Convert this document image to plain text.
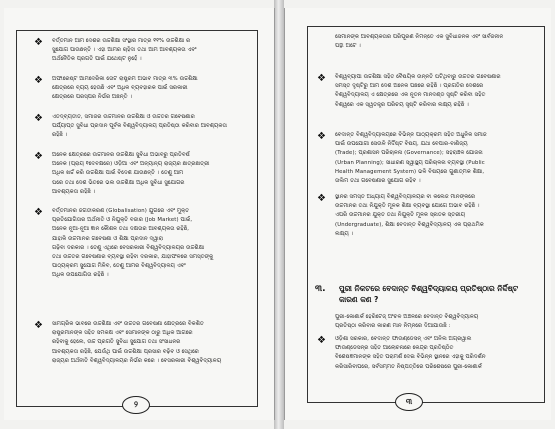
❖ ବର୍ତ୍ତମାନ ଆମ ଦେଶର ଉଚ୍ଚଶିକ୍ଷା ସଂସ୍ଥାର ମାତ୍ର ୧୧% ଉଚ୍ଚଶିକ୍ଷା ର
ସୁଯୋଗ ପାଉଛନ୍ତି । ଏହା ଆମର ଚାହିଦା ତଥା ଆମ ଆବଶ୍ୟକତା ଏବଂ
ଅର୍ଥନୈତିକ ପ୍ରଗତି ପାଇଁ ଯଥେଷ୍ଟ ନୁହେଁ ।
❖ ଅଫାରେଷ୍ଟ ଆମଦେରିକା ତୋଟ ରାଷ୍ଟ୍ରମ ଅଭାବ ମାତ୍ର ୩% ଉଚ୍ଚଶିକ୍ଷା
କ୍ଷେତ୍ରରେ ବ୍ୟୟ ହେଉଛି ଏବଂ ଅଧିକ ବ୍ୟବହାରକ ପାଇଁ ସରକାରୀ
କ୍ଷେତ୍ରରେ ପରସ୍ପର ନିର୍ଭର ଅଛନ୍ତି ।
❖ ଏତଦ୍ବ୍ୟତୀତ, ସମାଜର ଉଚ୍ଚମାନର ଉଚ୍ଚଶିକ୍ଷା ଓ ଉଚ୍ଚତର ଗବେଷଣାର
ପର୍ଯ୍ୟାପ୍ତ ସୁବିଧା ପ୍ରଦାନ ପୂର୍ବକ ବିଶ୍ୱବିଦ୍ୟାଳୟ ପ୍ରତିଷ୍ଠା କରିବାର ଆବଶ୍ୟକତା
ରହିଛି ।
❖ ଅନେକ କ୍ଷେତ୍ରରେ ଉଚ୍ଚମାନର ଉଚ୍ଚଶିକ୍ଷା ସୁବିଧା ଅଭାବରୁ ପ୍ରତିବର୍ଷ
ଅନେକ (ପ୍ରାୟ ୧ଦେବକ୍ଷରେ) ଓଡ଼ିଆ ଏବଂ ଅନ୍ୟାନ୍ୟ ରାଜ୍ୟର ଛାତ୍ରଛାତ୍ରୀ
ଅଧିକ ଖର୍ଚ୍ଚ କରି ଉଚ୍ଚଶିକ୍ଷା ପାଇଁ ବିଦେଶ ଯାଉଛନ୍ତି । ତେଣୁ ଆମ
ଘରେ ତଥା ଦେଶ ଭିତରେ ଭଲ ଉଚ୍ଚଶିକ୍ଷା ଅଧିକ ସୁବିଧା ସୁଯୋଗର
ଆବଶ୍ୟକତା ରହିଛି ।
❖ ବର୍ତ୍ତମାନର ଜଗତୀକରଣ (Globalisation) ଯୁଗରେ ଏବଂ ମୁକ୍ତ
ପ୍ରତିଯୋଗିତାର ଅର୍ଥନୀତି ଓ ନିଯୁକ୍ତି ବଜାର (Job Market) ପାଇଁ,
ଅନେକ ନୂଆ-ନୂଆ ଜ୍ଞାନ କୌଶଳ ତଥା ଦକ୍ଷତାର ଆବଶ୍ୟକତା ରହିଛି,
ଯାହାକି ଉଚ୍ଚମାନର ଗବେଷଣା ଓ ଶିକ୍ଷା ପ୍ରଦାନ ଦ୍ୱାରା
ଗଢ଼ିବା ଦରକାର । ତେଣୁ ଏଥିରେ ବେସରକାରୀ ବିଶ୍ୱବିଦ୍ୟାଳୟର ଉଚ୍ଚଶିକ୍ଷା
ତଥା ଉଚ୍ଚତର ଗବେଷଣାର ବ୍ୟବସ୍ଥା ରହିବା ଦରକାର, ଯାହାଫଳରେ ସମସ୍ତଙ୍କୁ
ପାଠ୍ୟକ୍ରମ ସୁଯୋଗ ମିଳିବ, ତେଣୁ ଆମର ବିଶ୍ୱବିଦ୍ୟାଳୟ ଏବଂ
ଅଧିକ ଉପଯୋଗିତା ରହିଛି ।
❖ ସାମଗ୍ରିକ ଭାବରେ ଉଚ୍ଚଶିକ୍ଷା ଏବଂ ଉଚ୍ଚତର ଗବେଷଣା କ୍ଷେତ୍ରରେ ବିକଶିତ
ରାଷ୍ଟ୍ରମାନଙ୍କ ସହିତ ସମକକ୍ଷ ଏବଂ ସେମାନଙ୍କ ଠାରୁ ଅଧିକ ଆଗରେ
ରହିବାକୁ ହେଲେ, ଉଚ୍ଚ ପ୍ରଗତି ସୁବିଧା ସୁଯୋଗ ତଥା ସଂସାଧନର
ଆବଶ୍ୟକତା ରହିଛି, ଯେଉଁଥି ପାଇଁ ଉଚ୍ଚଶିକ୍ଷା ପ୍ରସାର ବଢ଼ିବ ଓ ସେଥିରେ
ରାଜ୍ୟର ଅର୍ଥନୀତି ବିଶ୍ୱବିଦ୍ୟାଳୟର ନିର୍ଭର କରେ । ବେସରକାରୀ ବିଶ୍ୱବିଦ୍ୟାଳୟ
୨
ସେମାନଙ୍କ ଆବଶ୍ୟକତାର ପରିପୂରଣ ନିମନ୍ତେ ଏକ ସୁବିଧାଜନକ ଏବଂ ସାର୍ବଜନୀନ
ପନ୍ଥା ଅଟେ ।
❖ ବିଶ୍ୱବ୍ୟାପୀ ଉଚ୍ଚଶିକ୍ଷା ସହିତ ବୈଷୟିକ ଉନ୍ନତି ଘଟିଥିବାରୁ ଉଚ୍ଚତର ଗବେଷଣାର
ସମସ୍ତ ଦୃଷ୍ଟିରୁ ଆମ ଦେଶ ଅନେକ ପଛରେ ରହିଛି । ପ୍ରଗତିର ଦେଶରେ
ବିଶ୍ୱବିଦ୍ୟାଳୟ ଏ କ୍ଷେତ୍ରରେ ଏକ ନୂତନ ମାନଦଣ୍ଡ ସୃଷ୍ଟି କରିବା ସହିତ
ବିଶ୍ୱରେ ଏକ ସ୍ୱତନ୍ତ୍ର ପରିଚୟ ସୃଷ୍ଟି କରିବାର ଲକ୍ଷ୍ୟ ରହିଛି ।
❖ ବେଦାନ୍ତ ବିଶ୍ୱବିଦ୍ୟାଳୟରେ ବିଭିନ୍ନ ପାଠ୍ୟକ୍ରମ ସହିତ ଅଧୁନିକ ସମାଜ
ପାଇଁ ଉପଯୋଗୀ ସେଉଳି ନିର୍ଦ୍ଦିଷ୍ଟ ବିଷୟ, ଯଥା ବେପାର-ବାଣିଜ୍ୟ
(Trade); ପ୍ରଶାସନ ପରିଚାଳନା (Governance); ସହରାଞ୍ଚଳ ଯୋଜନା
(Urban Planning); ସାଧାରଣ ସ୍ୱାସ୍ଥ୍ୟ ପରିଚାଳନା ବ୍ୟବସ୍ଥା (Public
Health Management System) ଭଳି ବିଷୟରେ ଗୁଣାତ୍ମକ ଶିକ୍ଷା,
ତାଲିମ ତଥା ଗବେଷଣାର ସୁଯୋଗ ରହିବ ।
❖ ସ୍ଥାନର ସମସ୍ତ ଅଧ୍ୟାୟ ବିଶ୍ୱବିଦ୍ୟାଳୟର ବା କଲେଜ ମାନଙ୍କରେ
ଉଚ୍ଚମାନର ତଥା ନିଯୁକ୍ତି ମୂଳକ ଶିକ୍ଷା ବ୍ୟବସ୍ଥା ଯୋଗେ ଅଭାବ ରହିଛି ।
ଏପରି ଉଚ୍ଚମାନର ଯୁକ୍ତ ତଥା ନିଯୁକ୍ତି ମୂଳକ ସ୍ନାତକ ସ୍ତରୀୟ
(Undergraduate), ଶିକ୍ଷା ବେଦାନ୍ତ ବିଶ୍ୱବିଦ୍ୟାଳୟ ଏକ ପ୍ରାଥମିକ
ଲକ୍ଷ୍ୟ ।
୩. ପୁରୀ ନିକଟରେ ବେଦାନ୍ତ ବିଶ୍ୱବିଦ୍ୟାଳୟ ପ୍ରତିଷ୍ଠାର ନିର୍ଦ୍ଦିଷ୍ଟ କାରଣ କଣ ?
ପୁରୀ-କୋଣାର୍କ ହେରିଟେଜ୍ ଅଂଚଳ ଅଞ୍ଚଳରେ ବେଦାନ୍ତ ବିଶ୍ୱବିଦ୍ୟାଳୟ
ପ୍ରତିଷ୍ଠା କରିବାର କାରଣ ମାନ ନିମ୍ନରେ ଦିଆଯାଉଛି :
❖ ଓଡ଼ିଶା ସରକାର, ବେଦାନ୍ତ ଫାଉଣ୍ଡେସନ୍ ଏବଂ ଅନିଲ ଅଗ୍ରୱାଲ
ଫାଉଣ୍ଡେସନ୍ର ସହିତ ଆଲୋଚନାରେ କେନ୍ଦ୍ର ପ୍ରତିଷ୍ଠିତ
ବିଶେଷଜ୍ଞମାନଙ୍କ ସହିତ ପରାମର୍ଶ ଦେଇ ବିଭିନ୍ନ ସ୍ଥାନରେ ଏହାକୁ ପରିଦର୍ଶନ
କରିସାରିବାପରେ, ସର୍ବସମ୍ମତ ନିଷ୍ପତ୍ତିରେ ପରିଶେଷରେ ପୁରୀ-କୋଣାର୍କ
୩
